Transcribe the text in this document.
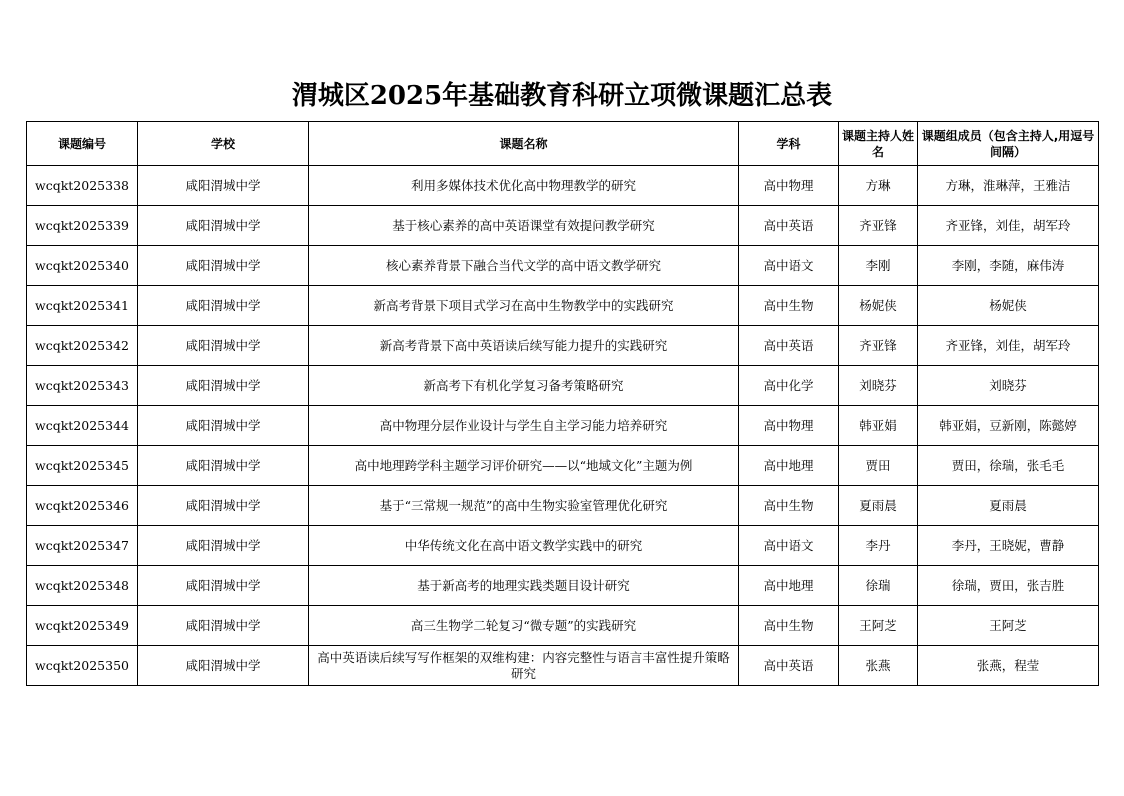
渭城区2025年基础教育科研立项微课题汇总表
课题编号	学校	课题名称	学科	课题主持人姓名	课题组成员（包含主持人,用逗号间隔）
wcqkt2025338	咸阳渭城中学	利用多媒体技术优化高中物理教学的研究	高中物理	方琳	方琳，淮琳萍，王雅洁
wcqkt2025339	咸阳渭城中学	基于核心素养的高中英语课堂有效提问教学研究	高中英语	齐亚锋	齐亚锋，刘佳，胡军玲
wcqkt2025340	咸阳渭城中学	核心素养背景下融合当代文学的高中语文教学研究	高中语文	李刚	李刚，李随，麻伟涛
wcqkt2025341	咸阳渭城中学	新高考背景下项目式学习在高中生物教学中的实践研究	高中生物	杨妮侠	杨妮侠
wcqkt2025342	咸阳渭城中学	新高考背景下高中英语读后续写能力提升的实践研究	高中英语	齐亚锋	齐亚锋，刘佳，胡军玲
wcqkt2025343	咸阳渭城中学	新高考下有机化学复习备考策略研究	高中化学	刘晓芬	刘晓芬
wcqkt2025344	咸阳渭城中学	高中物理分层作业设计与学生自主学习能力培养研究	高中物理	韩亚娟	韩亚娟，豆新刚，陈懿婷
wcqkt2025345	咸阳渭城中学	高中地理跨学科主题学习评价研究——以“地域文化”主题为例	高中地理	贾田	贾田，徐瑞，张毛毛
wcqkt2025346	咸阳渭城中学	基于“三常规一规范”的高中生物实验室管理优化研究	高中生物	夏雨晨	夏雨晨
wcqkt2025347	咸阳渭城中学	中华传统文化在高中语文教学实践中的研究	高中语文	李丹	李丹，王晓妮，曹静
wcqkt2025348	咸阳渭城中学	基于新高考的地理实践类题目设计研究	高中地理	徐瑞	徐瑞，贾田，张吉胜
wcqkt2025349	咸阳渭城中学	高三生物学二轮复习“微专题”的实践研究	高中生物	王阿芝	王阿芝
wcqkt2025350	咸阳渭城中学	高中英语读后续写写作框架的双维构建：内容完整性与语言丰富性提升策略研究	高中英语	张燕	张燕，程莹
